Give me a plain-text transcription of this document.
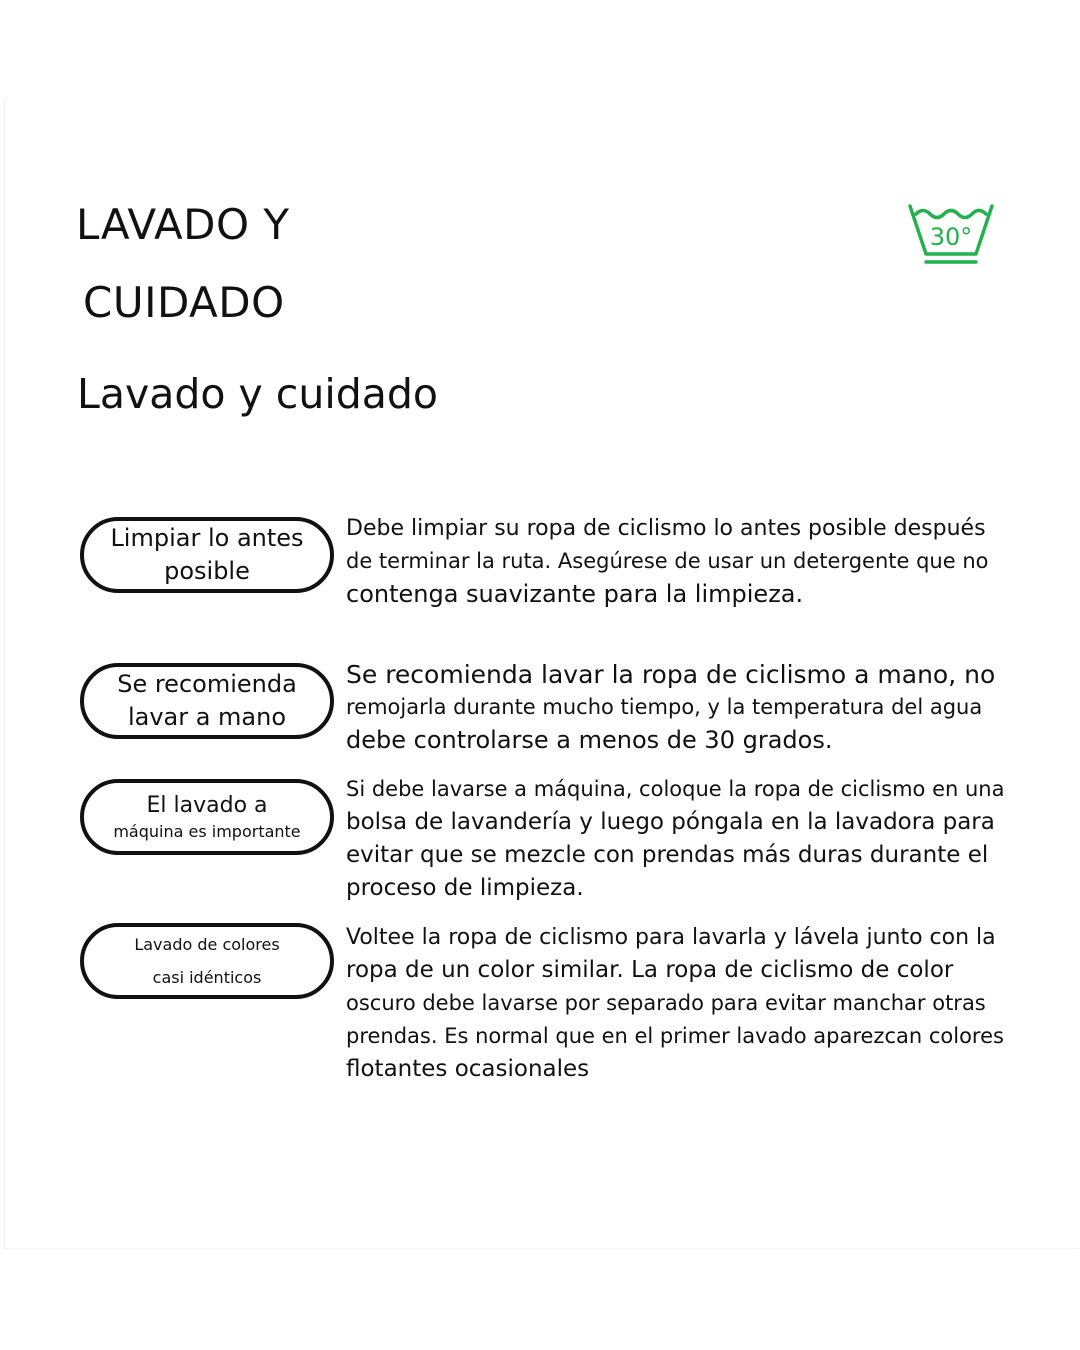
LAVADO Y
CUIDADO
Lavado y cuidado
30°
Limpiar lo antes
posible
Debe limpiar su ropa de ciclismo lo antes posible después
de terminar la ruta. Asegúrese de usar un detergente que no
contenga suavizante para la limpieza.
Se recomienda
lavar a mano
Se recomienda lavar la ropa de ciclismo a mano, no
remojarla durante mucho tiempo, y la temperatura del agua
debe controlarse a menos de 30 grados.
El lavado a
máquina es importante
Si debe lavarse a máquina, coloque la ropa de ciclismo en una
bolsa de lavandería y luego póngala en la lavadora para
evitar que se mezcle con prendas más duras durante el
proceso de limpieza.
Lavado de colores
casi idénticos
Voltee la ropa de ciclismo para lavarla y lávela junto con la
ropa de un color similar. La ropa de ciclismo de color
oscuro debe lavarse por separado para evitar manchar otras
prendas. Es normal que en el primer lavado aparezcan colores
flotantes ocasionales
